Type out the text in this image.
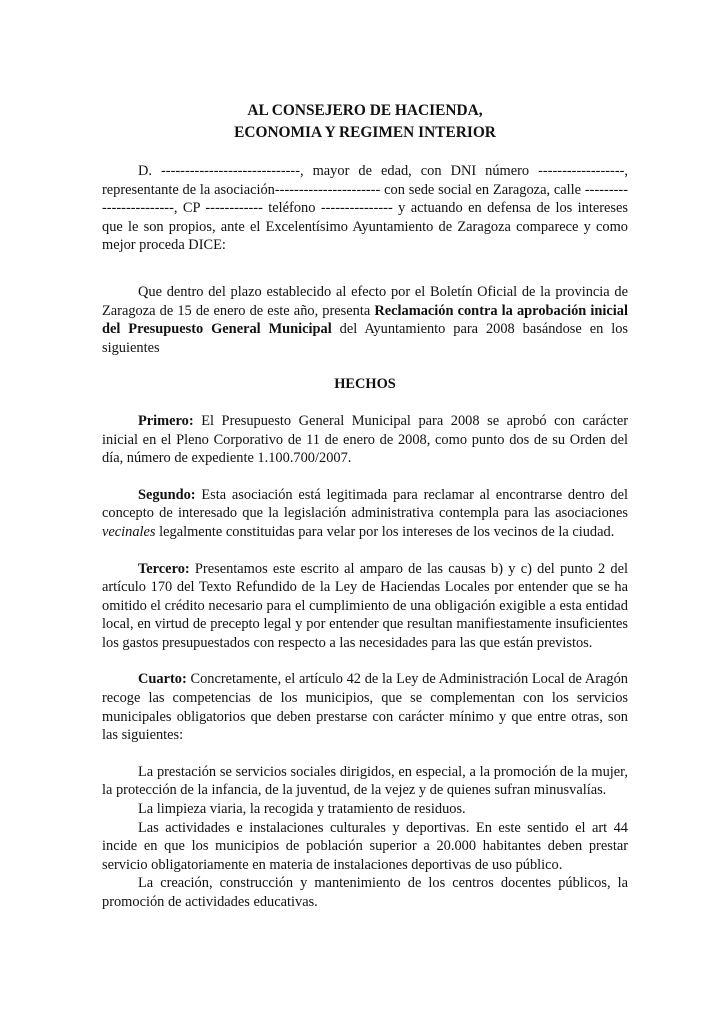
AL CONSEJERO DE HACIENDA,

ECONOMIA Y REGIMEN INTERIOR

D. -----------------------------, mayor de edad, con DNI número ------------------, representante de la asociación---------------------- con sede social en Zaragoza, calle ------------------------, CP ------------ teléfono --------------- y actuando en defensa de los intereses que le son propios, ante el Excelentísimo Ayuntamiento de Zaragoza comparece y como mejor proceda DICE:

Que dentro del plazo establecido al efecto por el Boletín Oficial de la provincia de Zaragoza de 15 de enero de este año, presenta Reclamación contra la aprobación inicial del Presupuesto General Municipal del Ayuntamiento para 2008 basándose en los siguientes

HECHOS

Primero: El Presupuesto General Municipal para 2008 se aprobó con carácter inicial en el Pleno Corporativo de 11 de enero de 2008, como punto dos de su Orden del día, número de expediente 1.100.700/2007.

Segundo: Esta asociación está legitimada para reclamar al encontrarse dentro del concepto de interesado que la legislación administrativa contempla para las asociaciones vecinales legalmente constituidas para velar por los intereses de los vecinos de la ciudad.

Tercero: Presentamos este escrito al amparo de las causas b) y c) del punto 2 del artículo 170 del Texto Refundido de la Ley de Haciendas Locales por entender que se ha omitido el crédito necesario para el cumplimiento de una obligación exigible a esta entidad local, en virtud de precepto legal y por entender que resultan manifiestamente insuficientes los gastos presupuestados con respecto a las necesidades para las que están previstos.

Cuarto: Concretamente, el artículo 42 de la Ley de Administración Local de Aragón recoge las competencias de los municipios, que se complementan con los servicios municipales obligatorios que deben prestarse con carácter mínimo y que entre otras, son las siguientes:

La prestación se servicios sociales dirigidos, en especial, a la promoción de la mujer, la protección de la infancia, de la juventud, de la vejez y de quienes sufran minusvalías.

La limpieza viaria, la recogida y tratamiento de residuos.

Las actividades e instalaciones culturales y deportivas. En este sentido el art 44 incide en que los municipios de población superior a 20.000 habitantes deben prestar servicio obligatoriamente en materia de instalaciones deportivas de uso público.

La creación, construcción y mantenimiento de los centros docentes públicos, la promoción de actividades educativas.
